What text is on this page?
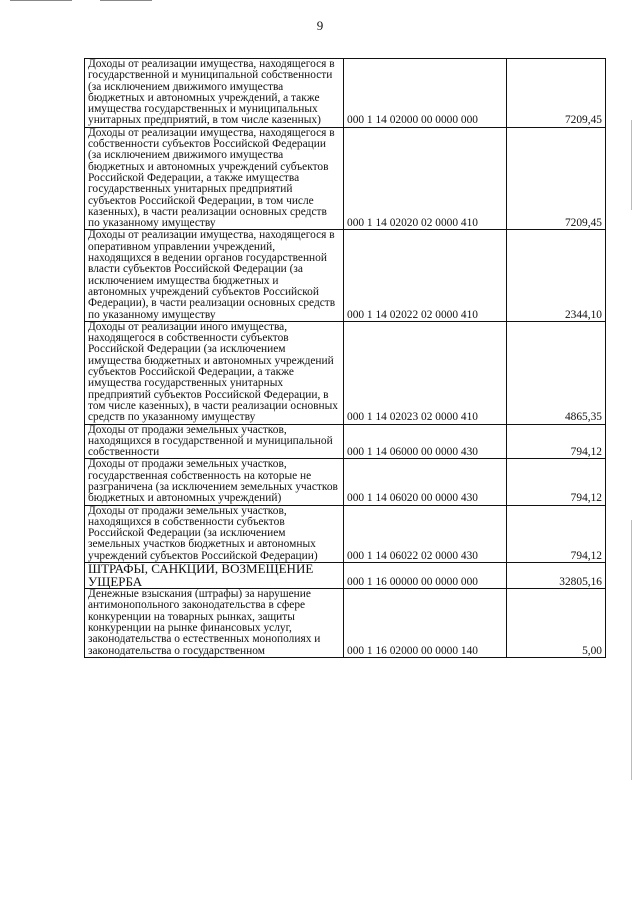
9
Доходы от реализации имущества, находящегося в государственной и муниципальной собственности (за исключением движимого имущества бюджетных и автономных учреждений, а также имущества государственных и муниципальных унитарных предприятий, в том числе казенных)	000 1 14 02000 00 0000 000	7209,45
Доходы от реализации имущества, находящегося в собственности субъектов Российской Федерации (за исключением движимого имущества бюджетных и автономных учреждений субъектов Российской Федерации, а также имущества государственных унитарных предприятий субъектов Российской Федерации, в том числе казенных), в части реализации основных средств по указанному имуществу	000 1 14 02020 02 0000 410	7209,45
Доходы от реализации имущества, находящегося в оперативном управлении учреждений, находящихся в ведении органов государственной власти субъектов Российской Федерации (за исключением имущества бюджетных и автономных учреждений субъектов Российской Федерации), в части реализации основных средств по указанному имуществу	000 1 14 02022 02 0000 410	2344,10
Доходы от реализации иного имущества, находящегося в собственности субъектов Российской Федерации (за исключением имущества бюджетных и автономных учреждений субъектов Российской Федерации, а также имущества государственных унитарных предприятий субъектов Российской Федерации, в том числе казенных), в части реализации основных средств по указанному имуществу	000 1 14 02023 02 0000 410	4865,35
Доходы от продажи земельных участков, находящихся в государственной и муниципальной собственности	000 1 14 06000 00 0000 430	794,12
Доходы от продажи земельных участков, государственная собственность на которые не разграничена (за исключением земельных участков бюджетных и автономных учреждений)	000 1 14 06020 00 0000 430	794,12
Доходы от продажи земельных участков, находящихся в собственности субъектов Российской Федерации (за исключением земельных участков бюджетных и автономных учреждений субъектов Российской Федерации)	000 1 14 06022 02 0000 430	794,12
ШТРАФЫ, САНКЦИИ, ВОЗМЕЩЕНИЕ УЩЕРБА	000 1 16 00000 00 0000 000	32805,16
Денежные взыскания (штрафы) за нарушение антимонопольного законодательства в сфере конкуренции на товарных рынках, защиты конкуренции на рынке финансовых услуг, законодательства о естественных монополиях и законодательства о государственном	000 1 16 02000 00 0000 140	5,00
